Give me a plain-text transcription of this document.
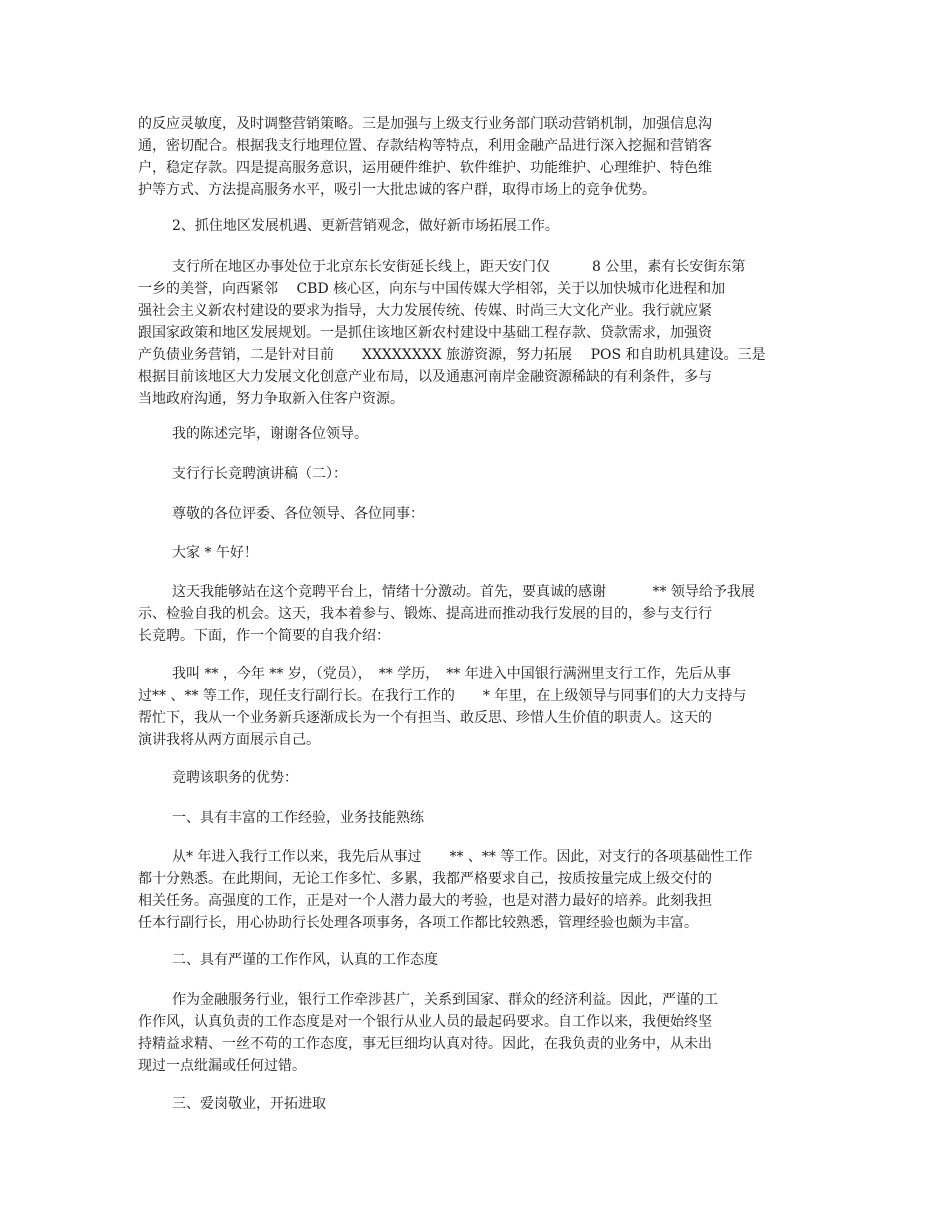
的反应灵敏度，及时调整营销策略。三是加强与上级支行业务部门联动营销机制，加强信息沟
通，密切配合。根据我支行地理位置、存款结构等特点，利用金融产品进行深入挖掘和营销客
户，稳定存款。四是提高服务意识，运用硬件维护、软件维护、功能维护、心理维护、特色维
护等方式、方法提高服务水平，吸引一大批忠诚的客户群，取得市场上的竞争优势。
2、抓住地区发展机遇、更新营销观念，做好新市场拓展工作。
支行所在地区办事处位于北京东长安街延长线上，距天安门仅　　　8 公里，素有长安街东第
一乡的美誉，向西紧邻　 CBD 核心区，向东与中国传媒大学相邻，关于以加快城市化进程和加
强社会主义新农村建设的要求为指导，大力发展传统、传媒、时尚三大文化产业。我行就应紧
跟国家政策和地区发展规划。一是抓住该地区新农村建设中基础工程存款、贷款需求，加强资
产负债业务营销，二是针对目前　　XXXXXXXX 旅游资源，努力拓展　 POS 和自助机具建设。三是
根据目前该地区大力发展文化创意产业布局，以及通惠河南岸金融资源稀缺的有利条件，多与
当地政府沟通，努力争取新入住客户资源。
我的陈述完毕，谢谢各位领导。
支行行长竞聘演讲稿（二）：
尊敬的各位评委、各位领导、各位同事：
大家 * 午好！
这天我能够站在这个竞聘平台上，情绪十分激动。首先，要真诚的感谢　　　 ** 领导给予我展
示、检验自我的机会。这天，我本着参与、锻炼、提高进而推动我行发展的目的，参与支行行
长竞聘。下面，作一个简要的自我介绍：
我叫 ** ，今年 ** 岁，（党员），　** 学历，　** 年进入中国银行满洲里支行工作，先后从事
过** 、** 等工作，现任支行副行长。在我行工作的　　* 年里，在上级领导与同事们的大力支持与
帮忙下，我从一个业务新兵逐渐成长为一个有担当、敢反思、珍惜人生价值的职责人。这天的
演讲我将从两方面展示自己。
竞聘该职务的优势：
一、具有丰富的工作经验，业务技能熟练
从* 年进入我行工作以来，我先后从事过　　** 、** 等工作。因此，对支行的各项基础性工作
都十分熟悉。在此期间，无论工作多忙、多累，我都严格要求自己，按质按量完成上级交付的
相关任务。高强度的工作，正是对一个人潜力最大的考验，也是对潜力最好的培养。此刻我担
任本行副行长，用心协助行长处理各项事务，各项工作都比较熟悉，管理经验也颇为丰富。
二、具有严谨的工作作风，认真的工作态度
作为金融服务行业，银行工作牵涉甚广，关系到国家、群众的经济利益。因此，严谨的工
作作风，认真负责的工作态度是对一个银行从业人员的最起码要求。自工作以来，我便始终坚
持精益求精、一丝不苟的工作态度，事无巨细均认真对待。因此，在我负责的业务中，从未出
现过一点纰漏或任何过错。
三、爱岗敬业，开拓进取
